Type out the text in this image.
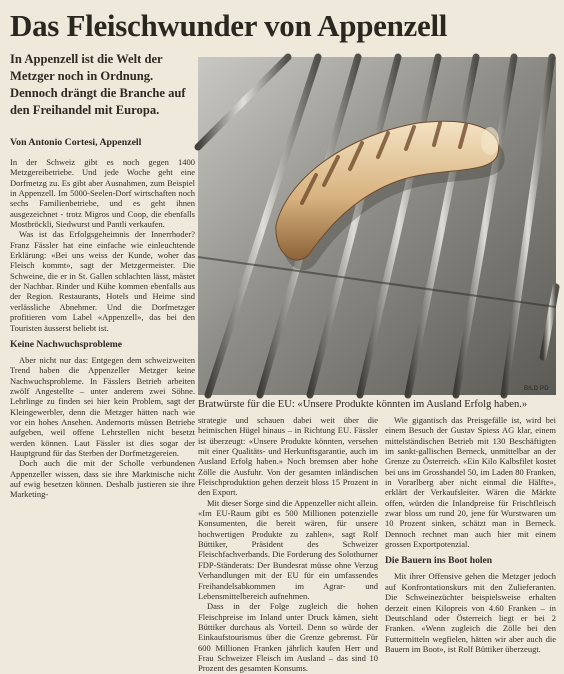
Das Fleischwunder von Appenzell
In Appenzell ist die Welt der Metzger noch in Ordnung. Dennoch drängt die Branche auf den Freihandel mit Europa.
BILD PD
Bratwürste für die EU: «Unsere Produkte könnten im Ausland Erfolg haben.»
Von Antonio Cortesi, Appenzell

In der Schweiz gibt es noch gegen 1400 Metzgereibetriebe. Und jede Woche geht eine Dorfmetzg zu. Es gibt aber Ausnahmen, zum Beispiel in Appenzell. Im 5000-Seelen-Dorf wirtschaften noch sechs Familienbetriebe, und es geht ihnen ausgezeichnet - trotz Migros und Coop, die ebenfalls Mostbröckli, Siedwurst und Pantli verkaufen.

Was ist das Erfolgsgeheimnis der Innerrhoder? Franz Fässler hat eine einfache wie einleuchtende Erklärung: «Bei uns weiss der Kunde, woher das Fleisch kommt», sagt der Metzgermeister. Die Schweine, die er in St. Gallen schlachten lässt, mästet der Nachbar. Rinder und Kühe kommen ebenfalls aus der Region. Restaurants, Hotels und Heime sind verlässliche Abnehmer. Und die Dorfmetzger profitieren vom Label «Appenzell», das bei den Touristen äusserst beliebt ist.

Keine Nachwuchsprobleme

Aber nicht nur das: Entgegen dem schweizweiten Trend haben die Appenzeller Metzger keine Nachwuchsprobleme. In Fässlers Betrieb arbeiten zwölf Angestellte – unter anderem zwei Söhne. Lehrlinge zu finden sei hier kein Problem, sagt der Kleingewerbler, denn die Metzger hätten nach wie vor ein hohes Ansehen. Andernorts müssen Betriebe aufgeben, weil offene Lehrstellen nicht besetzt werden können. Laut Fässler ist dies sogar der Hauptgrund für das Sterben der Dorfmetzgereien.

Doch auch die mit der Scholle verbundenen Appenzeller wissen, dass sie ihre Marktnische nicht auf ewig besetzen können. Deshalb justieren sie ihre Marketing-

strategie und schauen dabei weit über die heimischen Hügel hinaus – in Richtung EU. Fässler ist überzeugt: «Unsere Produkte könnten, versehen mit einer Qualitäts- und Herkunftsgarantie, auch im Ausland Erfolg haben.» Noch bremsen aber hohe Zölle die Ausfuhr. Von der gesamten inländischen Fleischproduktion gehen derzeit bloss 15 Prozent in den Export.

Mit dieser Sorge sind die Appenzeller nicht allein. «Im EU-Raum gibt es 500 Millionen potenzielle Konsumenten, die bereit wären, für unsere hochwertigen Produkte zu zahlen», sagt Rolf Büttiker, Präsident des Schweizer Fleischfachverbands. Die Forderung des Solothurner FDP-Ständerats: Der Bundesrat müsse ohne Verzug Verhandlungen mit der EU für ein umfassendes Freihandelsabkommen im Agrar- und Lebensmittelbereich aufnehmen.

Dass in der Folge zugleich die hohen Fleischpreise im Inland unter Druck kämen, sieht Büttiker durchaus als Vorteil. Denn so würde der Einkaufstourismus über die Grenze gebremst. Für 600 Millionen Franken jährlich kaufen Herr und Frau Schweizer Fleisch im Ausland – das sind 10 Prozent des gesamten Konsums.

Wie gigantisch das Preisgefälle ist, wird bei einem Besuch der Gustav Spiess AG klar, einem mittelständischen Betrieb mit 130 Beschäftigten im sankt-gallischen Berneck, unmittelbar an der Grenze zu Österreich. «Ein Kilo Kalbsfilet kostet bei uns im Grosshandel 50, im Laden 80 Franken, in Vorarlberg aber nicht einmal die Hälfte», erklärt der Verkaufsleiter. Wären die Märkte offen, würden die Inlandpreise für Frischfleisch zwar bloss um rund 20, jene für Wurstwaren um 10 Prozent sinken, schätzt man in Berneck. Dennoch rechnet man auch hier mit einem grossen Exportpotenzial.

Die Bauern ins Boot holen

Mit ihrer Offensive gehen die Metzger jedoch auf Konfrontationskurs mit den Zulieferanten. Die Schweinezüchter beispielsweise erhalten derzeit einen Kilopreis von 4.60 Franken – in Deutschland oder Österreich liegt er bei 2 Franken. «Wenn zugleich die Zölle bei den Futtermitteln wegfielen, hätten wir aber auch die Bauern im Boot», ist Rolf Büttiker überzeugt.
